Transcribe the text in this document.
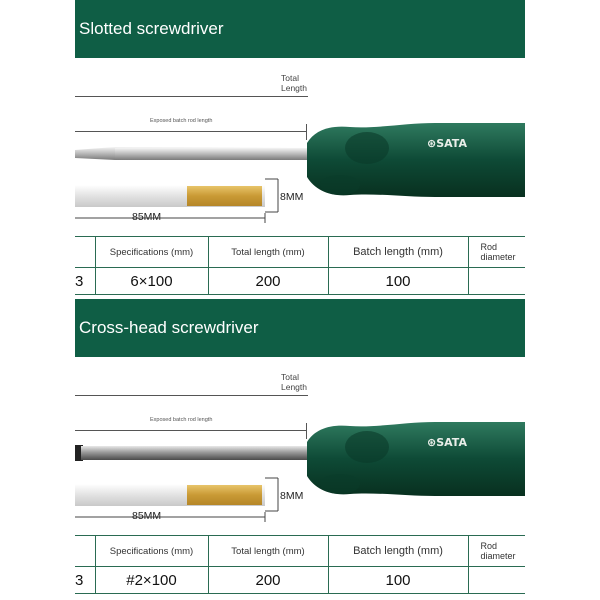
Slotted screwdriver
Total
Length
Exposed batch rod length
⊛SATA
8MM
85MM
	Specifications (mm)	Total length (mm)	Batch length (mm)	Rod
diameter
3	6×100	200	100	
Cross-head screwdriver
Total
Length
Exposed batch rod length
⊛SATA
8MM
85MM
	Specifications (mm)	Total length (mm)	Batch length (mm)	Rod
diameter
3	#2×100	200	100	
